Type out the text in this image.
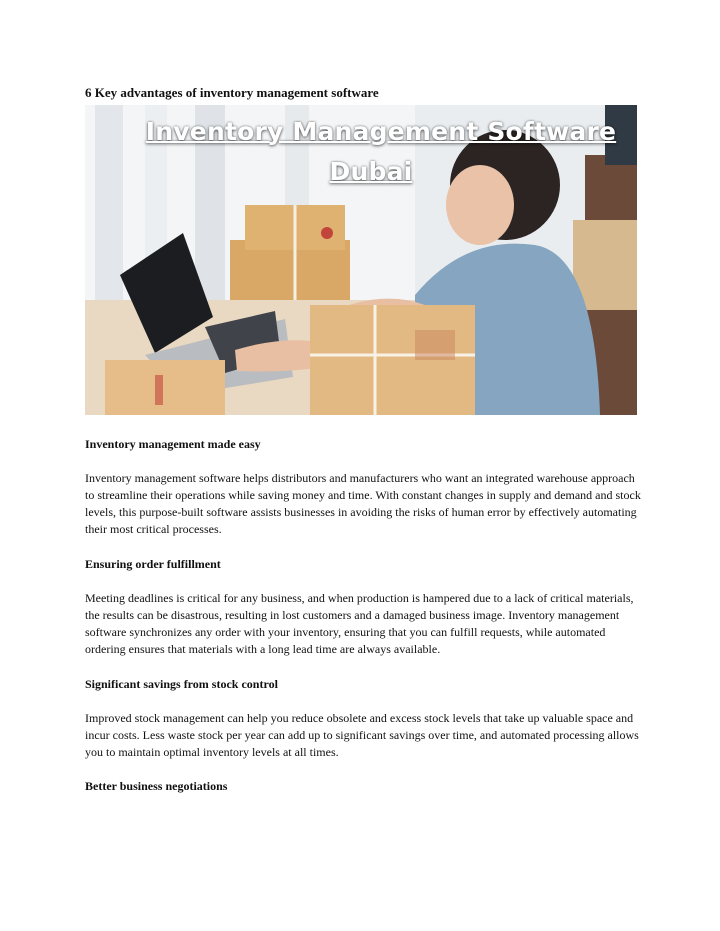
6 Key advantages of inventory management software
Inventory Management Software
Dubai
Inventory management made easy

Inventory management software helps distributors and manufacturers who want an integrated warehouse approach to streamline their operations while saving money and time. With constant changes in supply and demand and stock levels, this purpose-built software assists businesses in avoiding the risks of human error by effectively automating their most critical processes.

Ensuring order fulfillment

Meeting deadlines is critical for any business, and when production is hampered due to a lack of critical materials, the results can be disastrous, resulting in lost customers and a damaged business image. Inventory management software synchronizes any order with your inventory, ensuring that you can fulfill requests, while automated ordering ensures that materials with a long lead time are always available.

Significant savings from stock control

Improved stock management can help you reduce obsolete and excess stock levels that take up valuable space and incur costs. Less waste stock per year can add up to significant savings over time, and automated processing allows you to maintain optimal inventory levels at all times.

Better business negotiations
